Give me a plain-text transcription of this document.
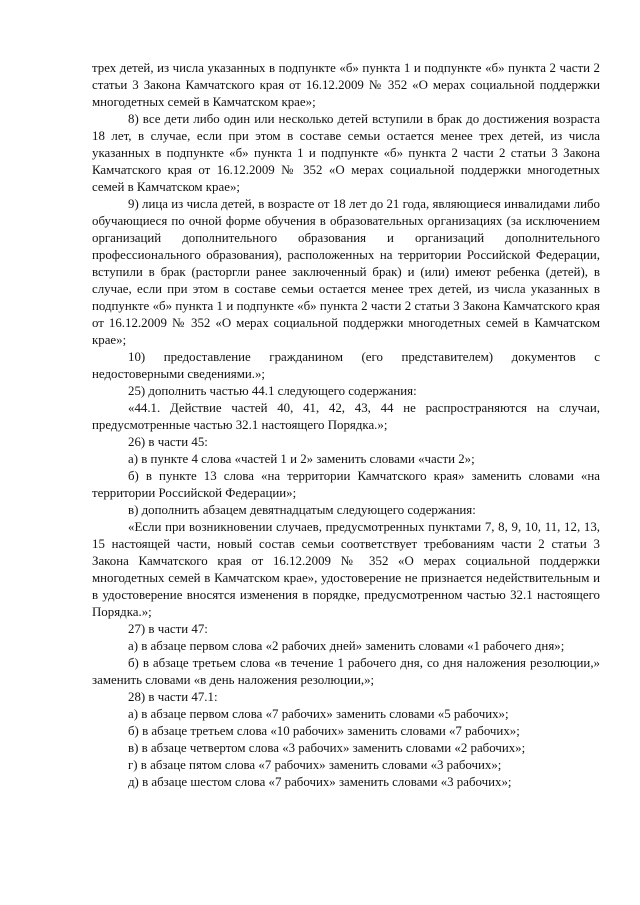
трех детей, из числа указанных в подпункте «б» пункта 1 и подпункте «б» пункта 2 части 2 статьи 3 Закона Камчатского края от 16.12.2009 № 352 «О мерах социальной поддержки многодетных семей в Камчатском крае»;

8) все дети либо один или несколько детей вступили в брак до достижения возраста 18 лет, в случае, если при этом в составе семьи остается менее трех детей, из числа указанных в подпункте «б» пункта 1 и подпункте «б» пункта 2 части 2 статьи 3 Закона Камчатского края от 16.12.2009 № 352 «О мерах социальной поддержки многодетных семей в Камчатском крае»;

9) лица из числа детей, в возрасте от 18 лет до 21 года, являющиеся инвалидами либо обучающиеся по очной форме обучения в образовательных организациях (за исключением организаций дополнительного образования и организаций дополнительного профессионального образования), расположенных на территории Российской Федерации, вступили в брак (расторгли ранее заключенный брак) и (или) имеют ребенка (детей), в случае, если при этом в составе семьи остается менее трех детей, из числа указанных в подпункте «б» пункта 1 и подпункте «б» пункта 2 части 2 статьи 3 Закона Камчатского края от 16.12.2009 № 352 «О мерах социальной поддержки многодетных семей в Камчатском крае»;

10) предоставление гражданином (его представителем) документов с недостоверными сведениями.»;

25) дополнить частью 44.1 следующего содержания:

«44.1. Действие частей 40, 41, 42, 43, 44 не распространяются на случаи, предусмотренные частью 32.1 настоящего Порядка.»;

26) в части 45:

а) в пункте 4 слова «частей 1 и 2» заменить словами «части 2»;

б) в пункте 13 слова «на территории Камчатского края» заменить словами «на территории Российской Федерации»;

в) дополнить абзацем девятнадцатым следующего содержания:

«Если при возникновении случаев, предусмотренных пунктами 7, 8, 9, 10, 11, 12, 13, 15 настоящей части, новый состав семьи соответствует требованиям части 2 статьи 3 Закона Камчатского края от 16.12.2009 № 352 «О мерах социальной поддержки многодетных семей в Камчатском крае», удостоверение не признается недействительным и в удостоверение вносятся изменения в порядке, предусмотренном частью 32.1 настоящего Порядка.»;

27) в части 47:

а) в абзаце первом слова «2 рабочих дней» заменить словами «1 рабочего дня»;

б) в абзаце третьем слова «в течение 1 рабочего дня, со дня наложения резолюции,» заменить словами «в день наложения резолюции,»;

28) в части 47.1:

а) в абзаце первом слова «7 рабочих» заменить словами «5 рабочих»;

б) в абзаце третьем слова «10 рабочих» заменить словами «7 рабочих»;

в) в абзаце четвертом слова «3 рабочих» заменить словами «2 рабочих»;

г) в абзаце пятом слова «7 рабочих» заменить словами «3 рабочих»;

д) в абзаце шестом слова «7 рабочих» заменить словами «3 рабочих»;
